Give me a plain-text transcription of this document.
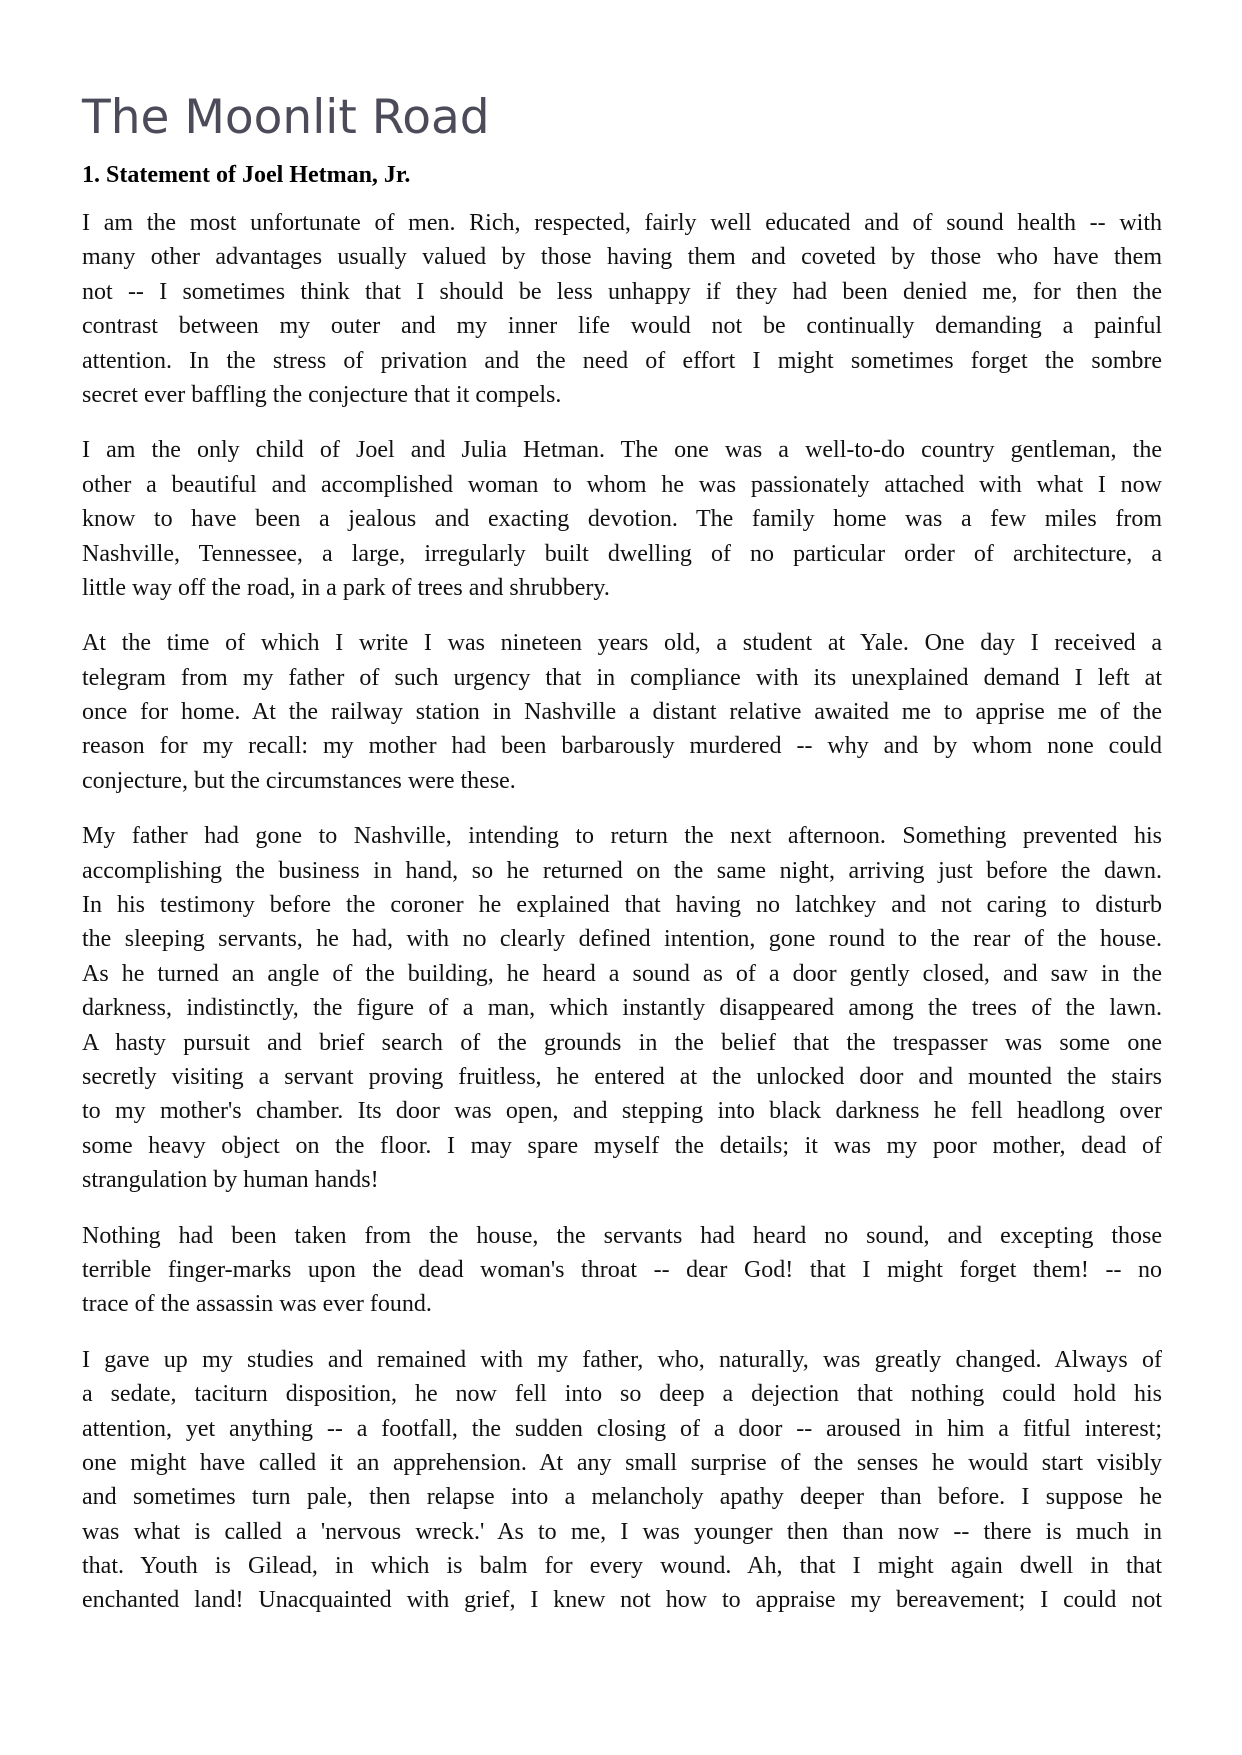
The Moonlit Road
1. Statement of Joel Hetman, Jr.

I am the most unfortunate of men. Rich, respected, fairly well educated and of sound health -- with
many other advantages usually valued by those having them and coveted by those who have them
not -- I sometimes think that I should be less unhappy if they had been denied me, for then the
contrast between my outer and my inner life would not be continually demanding a painful
attention. In the stress of privation and the need of effort I might sometimes forget the sombre
secret ever baffling the conjecture that it compels.

I am the only child of Joel and Julia Hetman. The one was a well-to-do country gentleman, the
other a beautiful and accomplished woman to whom he was passionately attached with what I now
know to have been a jealous and exacting devotion. The family home was a few miles from
Nashville, Tennessee, a large, irregularly built dwelling of no particular order of architecture, a
little way off the road, in a park of trees and shrubbery.

At the time of which I write I was nineteen years old, a student at Yale. One day I received a
telegram from my father of such urgency that in compliance with its unexplained demand I left at
once for home. At the railway station in Nashville a distant relative awaited me to apprise me of the
reason for my recall: my mother had been barbarously murdered -- why and by whom none could
conjecture, but the circumstances were these.

My father had gone to Nashville, intending to return the next afternoon. Something prevented his
accomplishing the business in hand, so he returned on the same night, arriving just before the dawn.
In his testimony before the coroner he explained that having no latchkey and not caring to disturb
the sleeping servants, he had, with no clearly defined intention, gone round to the rear of the house.
As he turned an angle of the building, he heard a sound as of a door gently closed, and saw in the
darkness, indistinctly, the figure of a man, which instantly disappeared among the trees of the lawn.
A hasty pursuit and brief search of the grounds in the belief that the trespasser was some one
secretly visiting a servant proving fruitless, he entered at the unlocked door and mounted the stairs
to my mother's chamber. Its door was open, and stepping into black darkness he fell headlong over
some heavy object on the floor. I may spare myself the details; it was my poor mother, dead of
strangulation by human hands!

Nothing had been taken from the house, the servants had heard no sound, and excepting those
terrible finger-marks upon the dead woman's throat -- dear God! that I might forget them! -- no
trace of the assassin was ever found.

I gave up my studies and remained with my father, who, naturally, was greatly changed. Always of
a sedate, taciturn disposition, he now fell into so deep a dejection that nothing could hold his
attention, yet anything -- a footfall, the sudden closing of a door -- aroused in him a fitful interest;
one might have called it an apprehension. At any small surprise of the senses he would start visibly
and sometimes turn pale, then relapse into a melancholy apathy deeper than before. I suppose he
was what is called a 'nervous wreck.' As to me, I was younger then than now -- there is much in
that. Youth is Gilead, in which is balm for every wound. Ah, that I might again dwell in that
enchanted land! Unacquainted with grief, I knew not how to appraise my bereavement; I could not
